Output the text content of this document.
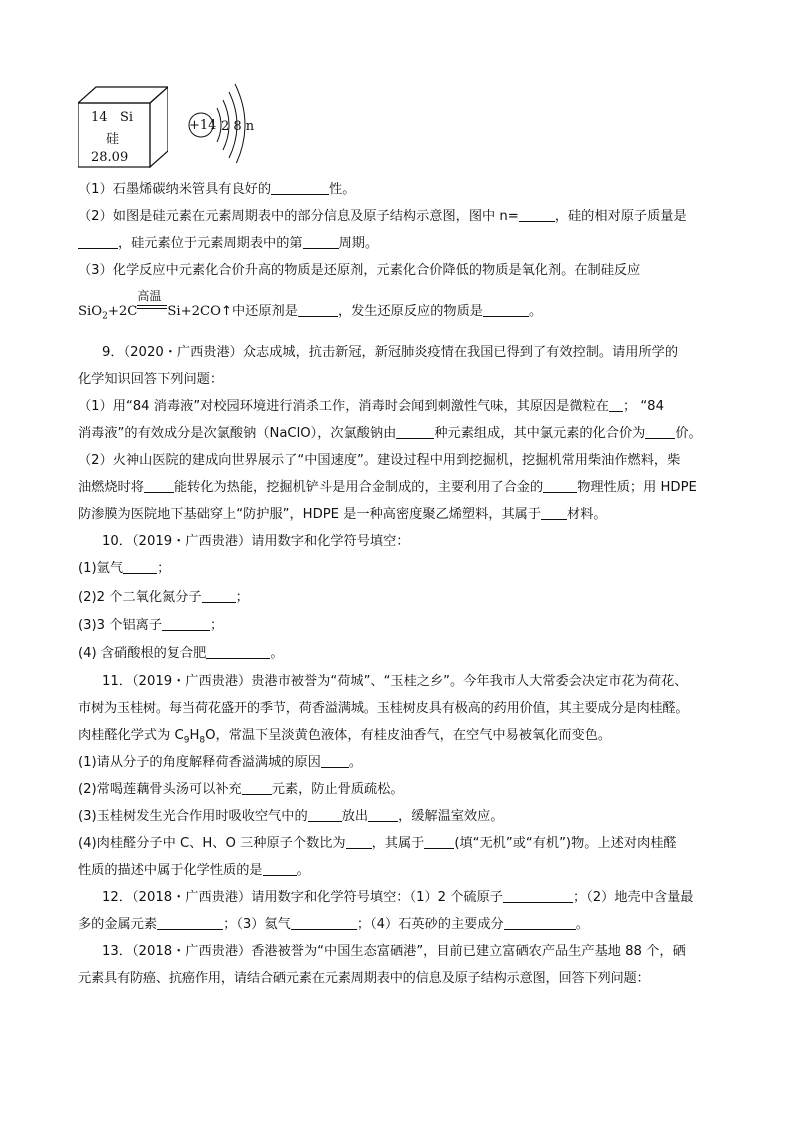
14 Si
硅
28.09
+14 2 8 n
（1）石墨烯碳纳米管具有良好的	性。
（2）如图是硅元素在元素周期表中的部分信息及原子结构示意图，图中 n=	，硅的相对原子质量是
，硅元素位于元素周期表中的第	周期。
（3）化学反应中元素化合价升高的物质是还原剂，元素化合价降低的物质是氧化剂。在制硅反应
SiO$_2$+2C
高温
Si+2CO↑中还原剂是	，发生还原反应的物质是	。
9．（2020・广西贵港）众志成城，抗击新冠，新冠肺炎疫情在我国已得到了有效控制。请用所学的
化学知识回答下列问题：
（1）用“84 消毒液”对校园环境进行消杀工作，消毒时会闻到刺激性气味，其原因是微粒在 ； “84
消毒液”的有效成分是次氯酸钠（NaClO），次氯酸钠由	种元素组成，其中氯元素的化合价为 价。
（2）火神山医院的建成向世界展示了“中国速度”。建设过程中用到挖掘机，挖掘机常用柴油作燃料，柴
油燃烧时将 能转化为热能，挖掘机铲斗是用合金制成的，主要利用了合金的	物理性质；用 HDPE
防渗膜为医院地下基础穿上“防护服”，HDPE 是一种高密度聚乙烯塑料，其属于 材料。
10．（2019・广西贵港）请用数字和化学符号填空：
(1)氩气	；
(2)2 个二氧化氮分子	；
(3)3 个铝离子	；
(4) 含硝酸根的复合肥	。
11．（2019・广西贵港）贵港市被誉为“荷城”、“玉桂之乡”。今年我市人大常委会决定市花为荷花、
市树为玉桂树。每当荷花盛开的季节，荷香溢满城。玉桂树皮具有极高的药用价值，其主要成分是肉桂醛。
肉桂醛化学式为 $C_9H_8O$，常温下呈淡黄色液体，有桂皮油香气，在空气中易被氧化而变色。
(1)请从分子的角度解释荷香溢满城的原因 。
(2)常喝莲藕骨头汤可以补充 元素，防止骨质疏松。
(3)玉桂树发生光合作用时吸收空气中的	放出 ，缓解温室效应。
(4)肉桂醛分子中 C、H、O 三种原子个数比为 ，其属于 (填“无机”或“有机”)物。上述对肉桂醛
性质的描述中属于化学性质的是	。
12．（2018・广西贵港）请用数字和化学符号填空：（1）2 个硫原子	；（2）地壳中含量最
多的金属元素	；（3）氦气	；（4）石英砂的主要成分	。
13．（2018・广西贵港）香港被誉为“中国生态富硒港”，目前已建立富硒农产品生产基地 88 个，硒
元素具有防癌、抗癌作用，请结合硒元素在元素周期表中的信息及原子结构示意图，回答下列问题：
